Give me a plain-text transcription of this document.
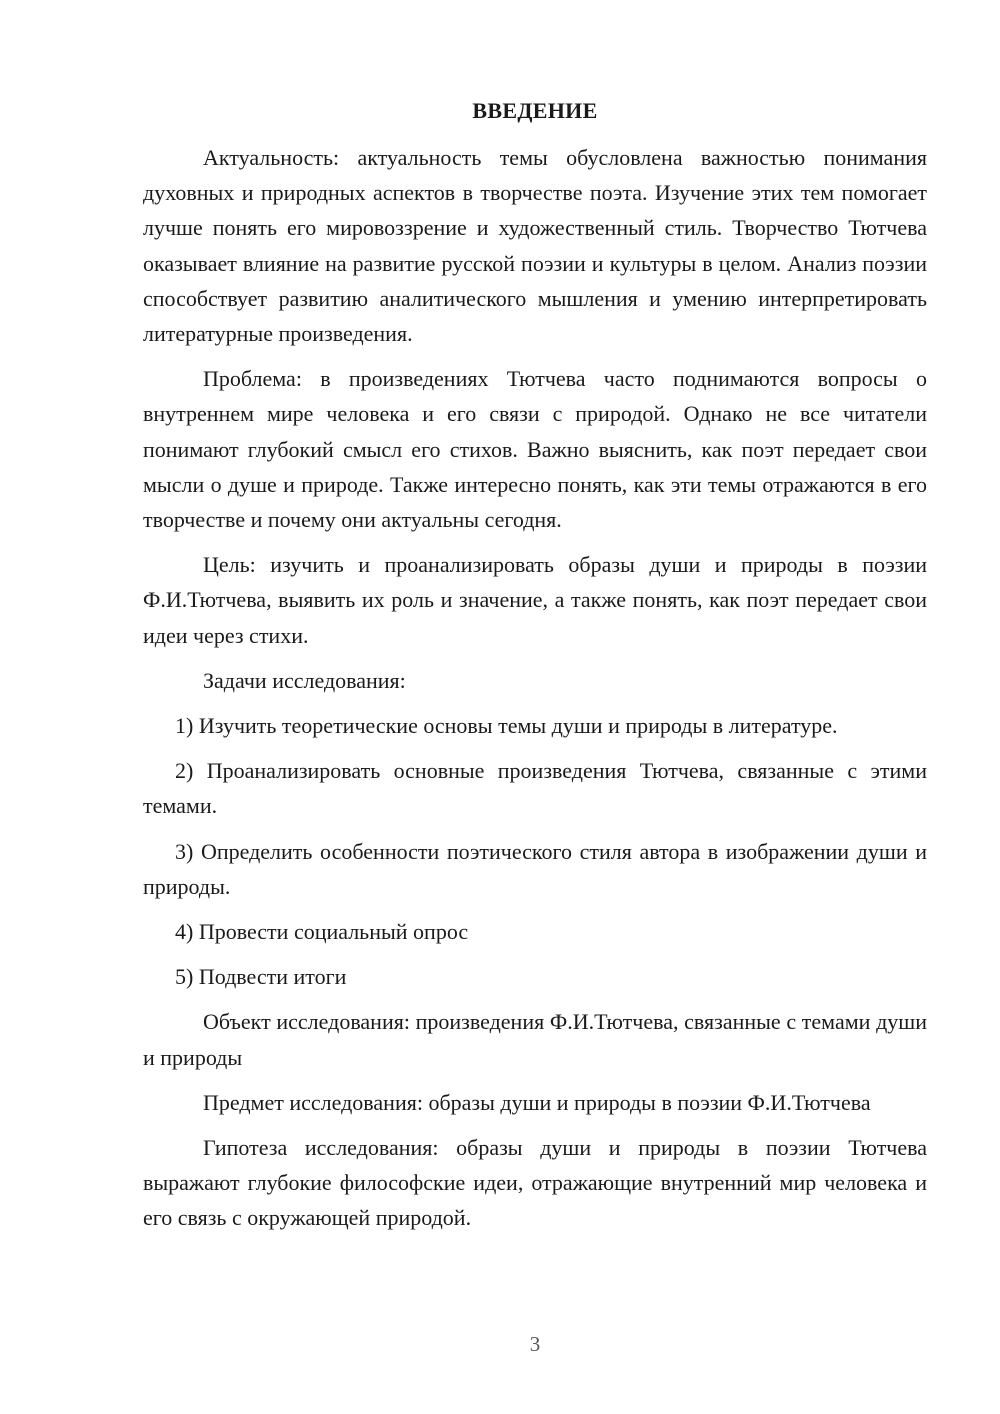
ВВЕДЕНИЕ

Актуальность: актуальность темы обусловлена важностью понимания духовных и природных аспектов в творчестве поэта. Изучение этих тем помогает лучше понять его мировоззрение и художественный стиль. Творчество Тютчева оказывает влияние на развитие русской поэзии и культуры в целом. Анализ поэзии способствует развитию аналитического мышления и умению интерпретировать литературные произведения.

Проблема: в произведениях Тютчева часто поднимаются вопросы о внутреннем мире человека и его связи с природой. Однако не все читатели понимают глубокий смысл его стихов. Важно выяснить, как поэт передает свои мысли о душе и природе. Также интересно понять, как эти темы отражаются в его творчестве и почему они актуальны сегодня.

Цель: изучить и проанализировать образы души и природы в поэзии Ф.И.Тютчева, выявить их роль и значение, а также понять, как поэт передает свои идеи через стихи.

Задачи исследования:

1) Изучить теоретические основы темы души и природы в литературе.

2) Проанализировать основные произведения Тютчева, связанные с этими темами.

3) Определить особенности поэтического стиля автора в изображении души и природы.

4) Провести социальный опрос

5) Подвести итоги

Объект исследования: произведения Ф.И.Тютчева, связанные с темами души и природы

Предмет исследования: образы души и природы в поэзии Ф.И.Тютчева

Гипотеза исследования: образы души и природы в поэзии Тютчева выражают глубокие философские идеи, отражающие внутренний мир человека и его связь с окружающей природой.

3
